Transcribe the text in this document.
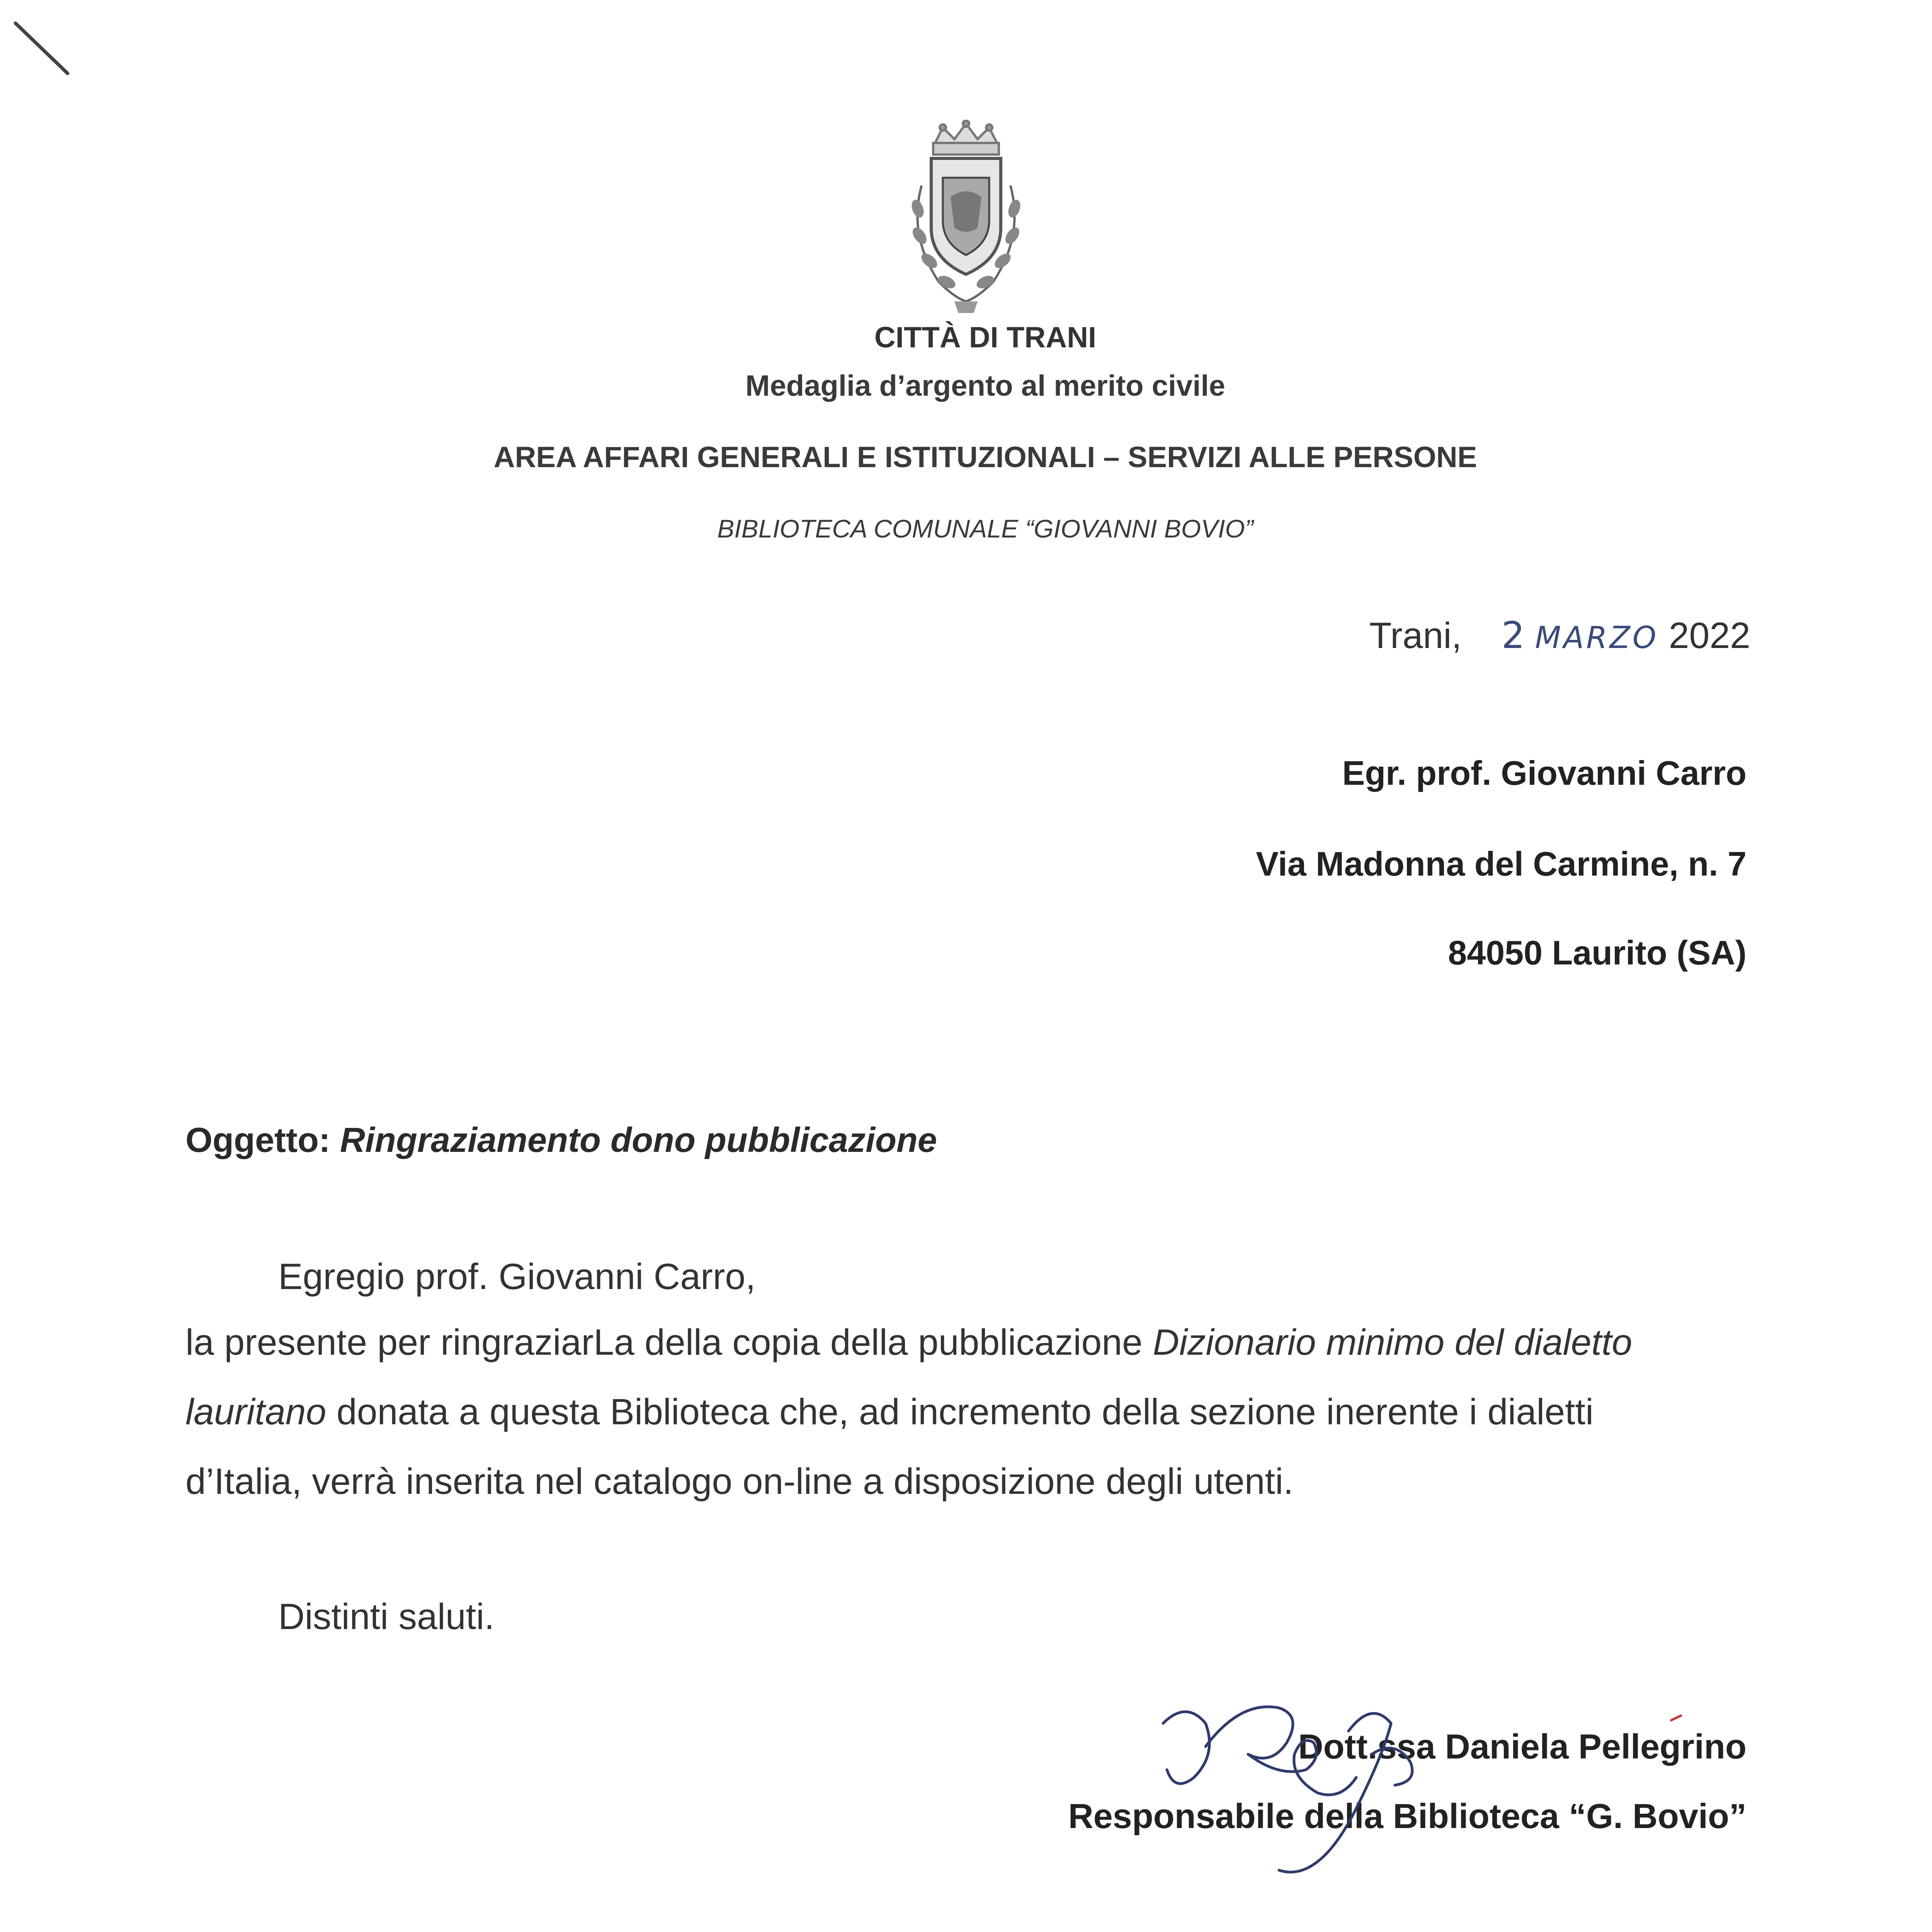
CITTÀ DI TRANI
Medaglia d’argento al merito civile
AREA AFFARI GENERALI E ISTITUZIONALI – SERVIZI ALLE PERSONE
BIBLIOTECA COMUNALE “GIOVANNI BOVIO”
Trani, 2 MARZO 2022
Egr. prof. Giovanni Carro
Via Madonna del Carmine, n. 7
84050 Laurito (SA)
Oggetto: Ringraziamento dono pubblicazione
Egregio prof. Giovanni Carro,
la presente per ringraziarLa della copia della pubblicazione Dizionario minimo del dialetto
lauritano donata a questa Biblioteca che, ad incremento della sezione inerente i dialetti
d’Italia, verrà inserita nel catalogo on-line a disposizione degli utenti.
Distinti saluti.
Dott.ssa Daniela Pellegrino
Responsabile della Biblioteca “G. Bovio”
